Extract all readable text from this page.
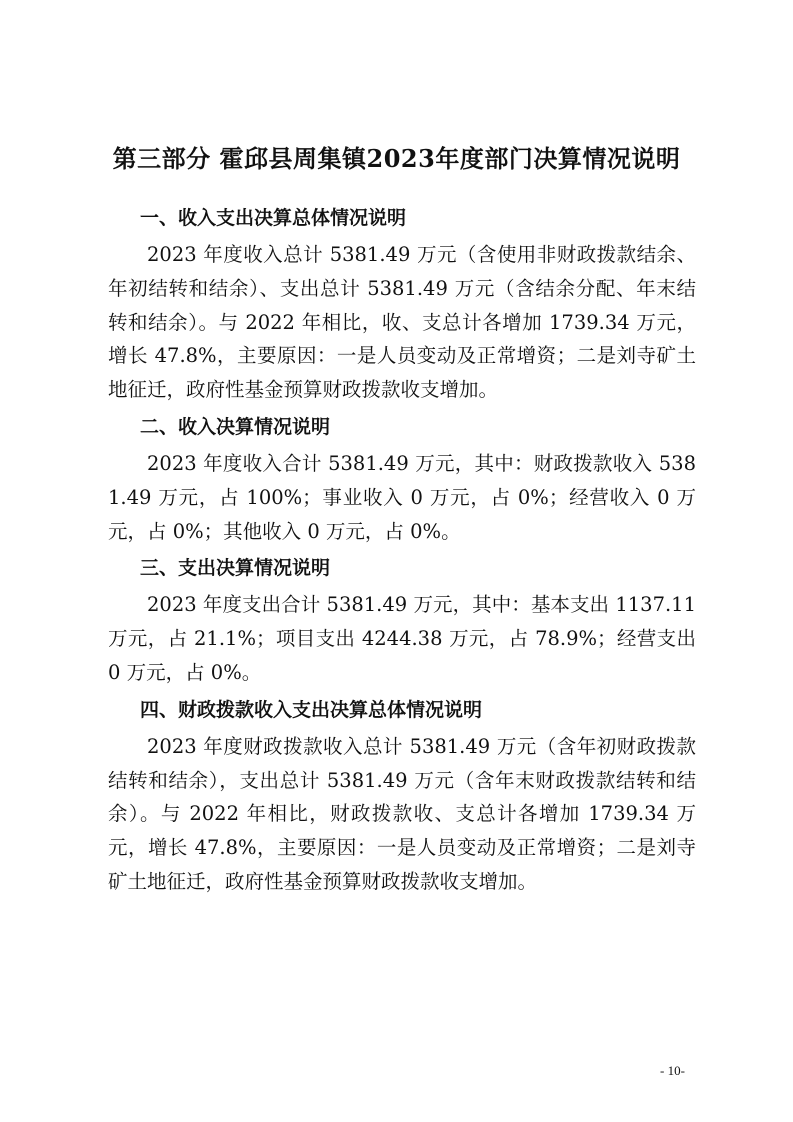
第三部分 霍邱县周集镇2023年度部门决算情况说明
一、收入支出决算总体情况说明

2023 年度收入总计 5381.49 万元（含使用非财政拨款结余、年初结转和结余）、支出总计 5381.49 万元（含结余分配、年末结转和结余）。与 2022 年相比，收、支总计各增加 1739.34 万元，增长 47.8%，主要原因：一是人员变动及正常增资；二是刘寺矿土地征迁，政府性基金预算财政拨款收支增加。

二、收入决算情况说明

2023 年度收入合计 5381.49 万元，其中：财政拨款收入 5381.49 万元，占 100%；事业收入 0 万元，占 0%；经营收入 0 万元，占 0%；其他收入 0 万元，占 0%。

三、支出决算情况说明

2023 年度支出合计 5381.49 万元，其中：基本支出 1137.11 万元，占 21.1%；项目支出 4244.38 万元，占 78.9%；经营支出 0 万元，占 0%。

四、财政拨款收入支出决算总体情况说明

2023 年度财政拨款收入总计 5381.49 万元（含年初财政拨款结转和结余），支出总计 5381.49 万元（含年末财政拨款结转和结余）。与 2022 年相比，财政拨款收、支总计各增加 1739.34 万元，增长 47.8%，主要原因：一是人员变动及正常增资；二是刘寺矿土地征迁，政府性基金预算财政拨款收支增加。

- 10-
